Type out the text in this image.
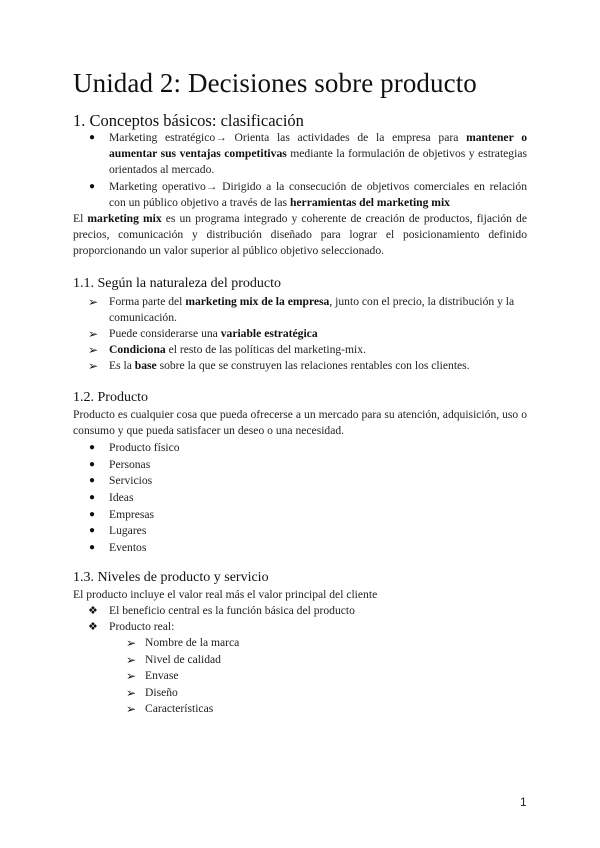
Unidad 2: Decisiones sobre producto
1. Conceptos básicos: clasificación
● Marketing estratégico→ Orienta las actividades de la empresa para mantener o aumentar sus ventajas competitivas mediante la formulación de objetivos y estrategias orientados al mercado.
● Marketing operativo→ Dirigido a la consecución de objetivos comerciales en relación con un público objetivo a través de las herramientas del marketing mix
El marketing mix es un programa integrado y coherente de creación de productos, fijación de precios, comunicación y distribución diseñado para lograr el posicionamiento definido proporcionando un valor superior al público objetivo seleccionado.
1.1. Según la naturaleza del producto
➢ Forma parte del marketing mix de la empresa, junto con el precio, la distribución y la comunicación.
➢ Puede considerarse una variable estratégica
➢ Condiciona el resto de las políticas del marketing-mix.
➢ Es la base sobre la que se construyen las relaciones rentables con los clientes.
1.2. Producto
Producto es cualquier cosa que pueda ofrecerse a un mercado para su atención, adquisición, uso o consumo y que pueda satisfacer un deseo o una necesidad.
● Producto físico
● Personas
● Servicios
● Ideas
● Empresas
● Lugares
● Eventos
1.3. Niveles de producto y servicio
El producto incluye el valor real más el valor principal del cliente
❖ El beneficio central es la función básica del producto
❖ Producto real:
➢ Nombre de la marca
➢ Nivel de calidad
➢ Envase
➢ Diseño
➢ Características
1
